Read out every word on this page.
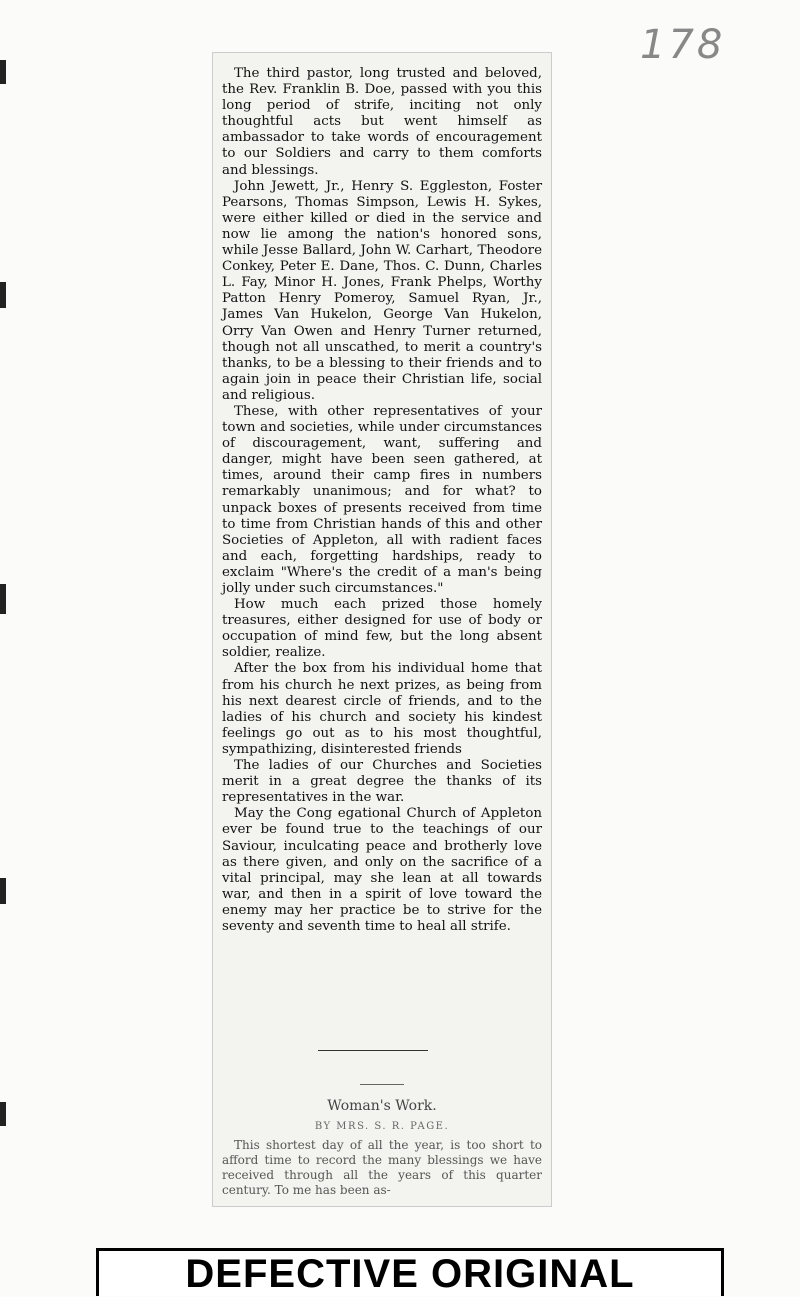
178

The third pastor, long trusted and beloved, the Rev. Franklin B. Doe, passed with you this long period of strife, inciting not only thoughtful acts but went himself as ambassador to take words of encouragement to our Soldiers and carry to them comforts and blessings.

John Jewett, Jr., Henry S. Eggleston, Foster Pearsons, Thomas Simpson, Lewis H. Sykes, were either killed or died in the service and now lie among the nation's honored sons, while Jesse Ballard, John W. Carhart, Theodore Conkey, Peter E. Dane, Thos. C. Dunn, Charles L. Fay, Minor H. Jones, Frank Phelps, Worthy Patton Henry Pomeroy, Samuel Ryan, Jr., James Van Hukelon, George Van Hukelon, Orry Van Owen and Henry Turner returned, though not all unscathed, to merit a country's thanks, to be a blessing to their friends and to again join in peace their Christian life, social and religious.

These, with other representatives of your town and societies, while under circumstances of discouragement, want, suffering and danger, might have been seen gathered, at times, around their camp fires in numbers remarkably unanimous; and for what? to unpack boxes of presents received from time to time from Christian hands of this and other Societies of Appleton, all with radient faces and each, forgetting hardships, ready to exclaim "Where's the credit of a man's being jolly under such circumstances."

How much each prized those homely treasures, either designed for use of body or occupation of mind few, but the long absent soldier, realize.

After the box from his individual home that from his church he next prizes, as being from his next dearest circle of friends, and to the ladies of his church and society his kindest feelings go out as to his most thoughtful, sympathizing, disinterested friends

The ladies of our Churches and Societies merit in a great degree the thanks of its representatives in the war.

May the Cong egational Church of Appleton ever be found true to the teachings of our Saviour, inculcating peace and brotherly love as there given, and only on the sacrifice of a vital principal, may she lean at all towards war, and then in a spirit of love toward the enemy may her practice be to strive for the seventy and seventh time to heal all strife.

Woman's Work.
BY MRS. S. R. PAGE.

This shortest day of all the year, is too short to afford time to record the many blessings we have received through all the years of this quarter century. To me has been as-

DEFECTIVE ORIGINAL
